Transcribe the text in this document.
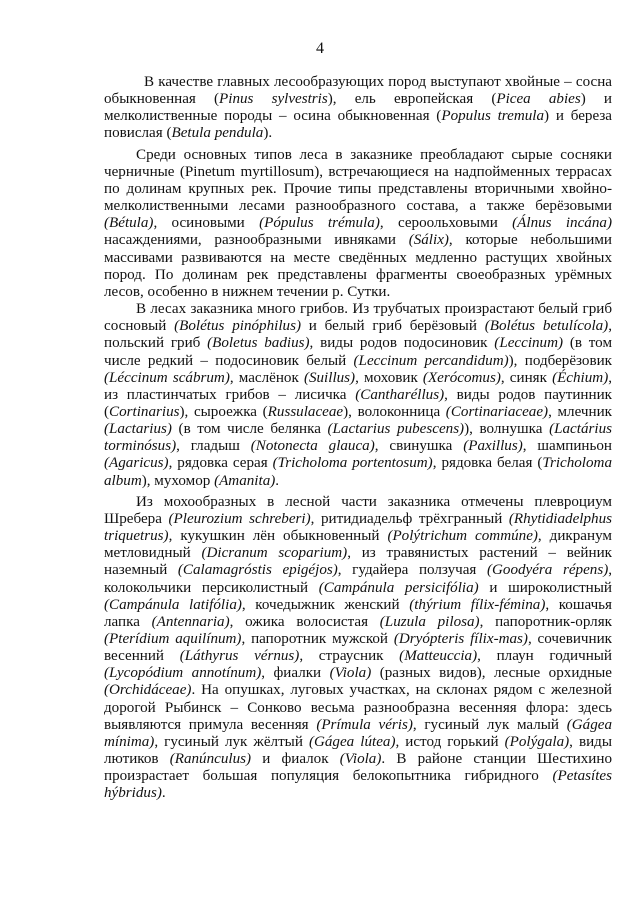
4

В качестве главных лесообразующих пород выступают хвойные – сосна обыкновенная (Pinus sylvestris), ель европейская (Picea abies) и мелколиственные породы – осина обыкновенная (Populus tremula) и береза повислая (Betula pendula).

Среди основных типов леса в заказнике преобладают сырые сосняки черничные (Pinetum myrtillosum), встречающиеся на надпойменных террасах по долинам крупных рек. Прочие типы представлены вторичными хвойно-мелколиственными лесами разнообразного состава, а также берёзовыми (Bétula), осиновыми (Pópulus trémula), сероольховыми (Álnus incána) насаждениями, разнообразными ивняками (Sálix), которые небольшими массивами развиваются на месте сведённых медленно растущих хвойных пород. По долинам рек представлены фрагменты своеобразных урёмных лесов, особенно в нижнем течении р. Сутки.

В лесах заказника много грибов. Из трубчатых произрастают белый гриб сосновый (Bolétus pinóphilus) и белый гриб берёзовый (Bolétus betulícola), польский гриб (Boletus badius), виды родов подосиновик (Leccinum) (в том числе редкий – подосиновик белый (Leccinum percandidum)), подберёзовик (Léccinum scábrum), маслёнок (Suillus), моховик (Xerócomus), синяк (Échium), из пластинчатых грибов – лисичка (Cantharéllus), виды родов паутинник (Cortinarius), сыроежка (Russulaceae), волоконница (Cortinariaceae), млечник (Lactarius) (в том числе белянка (Lactarius pubescens)), волнушка (Lactárius torminósus), гладыш (Notonecta glauca), свинушка (Paxillus), шампиньон (Agaricus), рядовка серая (Tricholoma portentosum), рядовка белая (Tricholoma album), мухомор (Amanita).

Из мохообразных в лесной части заказника отмечены плевроциум Шребера (Pleurozium schreberi), ритидиадельф трёхгранный (Rhytidiadelphus triquetrus), кукушкин лён обыкновенный (Polýtrichum commúne), дикранум метловидный (Dicranum scoparium), из травянистых растений – вейник наземный (Calamagróstis epigéjos), гудайера ползучая (Goodyéra répens), колокольчики персиколистный (Campánula persicifólia) и широколистный (Campánula latifólia), кочедыжник женский (thýrium fílix-fémina), кошачья лапка (Antennaria), ожика волосистая (Luzula pilosa), папоротник-орляк (Pterídium aquilínum), папоротник мужской (Dryópteris fílix-mas), сочевичник весенний (Láthyrus vérnus), страусник (Matteuccia), плаун годичный (Lycopódium annotínum), фиалки (Viola) (разных видов), лесные орхидные (Orchidáceae). На опушках, луговых участках, на склонах рядом с железной дорогой Рыбинск – Сонково весьма разнообразна весенняя флора: здесь выявляются примула весенняя (Prímula véris), гусиный лук малый (Gágea mínima), гусиный лук жёлтый (Gágea lútea), истод горький (Polýgala), виды лютиков (Ranúnculus) и фиалок (Viola). В районе станции Шестихино произрастает большая популяция белокопытника гибридного (Petasítes hýbridus).
